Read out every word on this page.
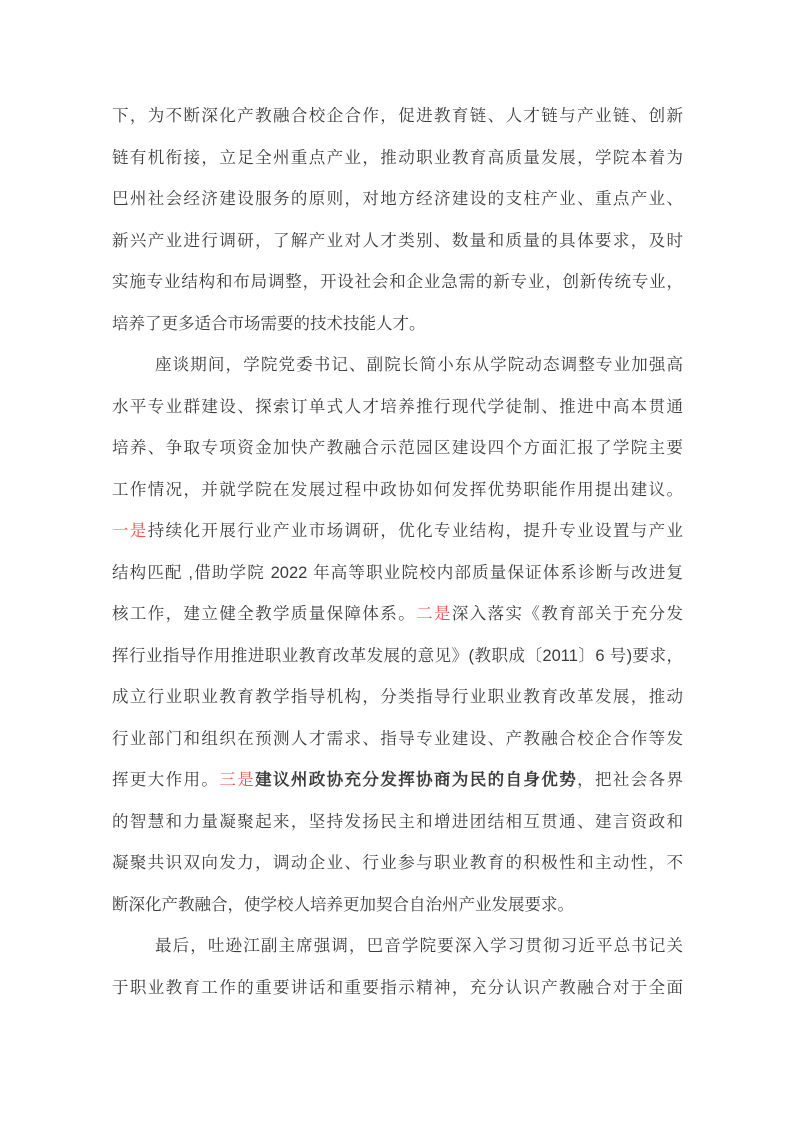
下，为不断深化产教融合校企合作，促进教育链、人才链与产业链、创新
链有机衔接，立足全州重点产业，推动职业教育高质量发展，学院本着为
巴州社会经济建设服务的原则，对地方经济建设的支柱产业、重点产业、
新兴产业进行调研，了解产业对人才类别、数量和质量的具体要求，及时
实施专业结构和布局调整，开设社会和企业急需的新专业，创新传统专业，
培养了更多适合市场需要的技术技能人才。
座谈期间，学院党委书记、副院长简小东从学院动态调整专业加强高
水平专业群建设、探索订单式人才培养推行现代学徒制、推进中高本贯通
培养、争取专项资金加快产教融合示范园区建设四个方面汇报了学院主要
工作情况，并就学院在发展过程中政协如何发挥优势职能作用提出建议。
一是持续化开展行业产业市场调研，优化专业结构，提升专业设置与产业
结构匹配 ,借助学院 2022 年高等职业院校内部质量保证体系诊断与改进复
核工作，建立健全教学质量保障体系。二是深入落实《教育部关于充分发
挥行业指导作用推进职业教育改革发展的意见》(教职成〔2011〕6 号)要求，
成立行业职业教育教学指导机构，分类指导行业职业教育改革发展，推动
行业部门和组织在预测人才需求、指导专业建设、产教融合校企合作等发
挥更大作用。三是建议州政协充分发挥协商为民的自身优势，把社会各界
的智慧和力量凝聚起来，坚持发扬民主和增进团结相互贯通、建言资政和
凝聚共识双向发力，调动企业、行业参与职业教育的积极性和主动性，不
断深化产教融合，使学校人培养更加契合自治州产业发展要求。
最后，吐逊江副主席强调，巴音学院要深入学习贯彻习近平总书记关
于职业教育工作的重要讲话和重要指示精神，充分认识产教融合对于全面
